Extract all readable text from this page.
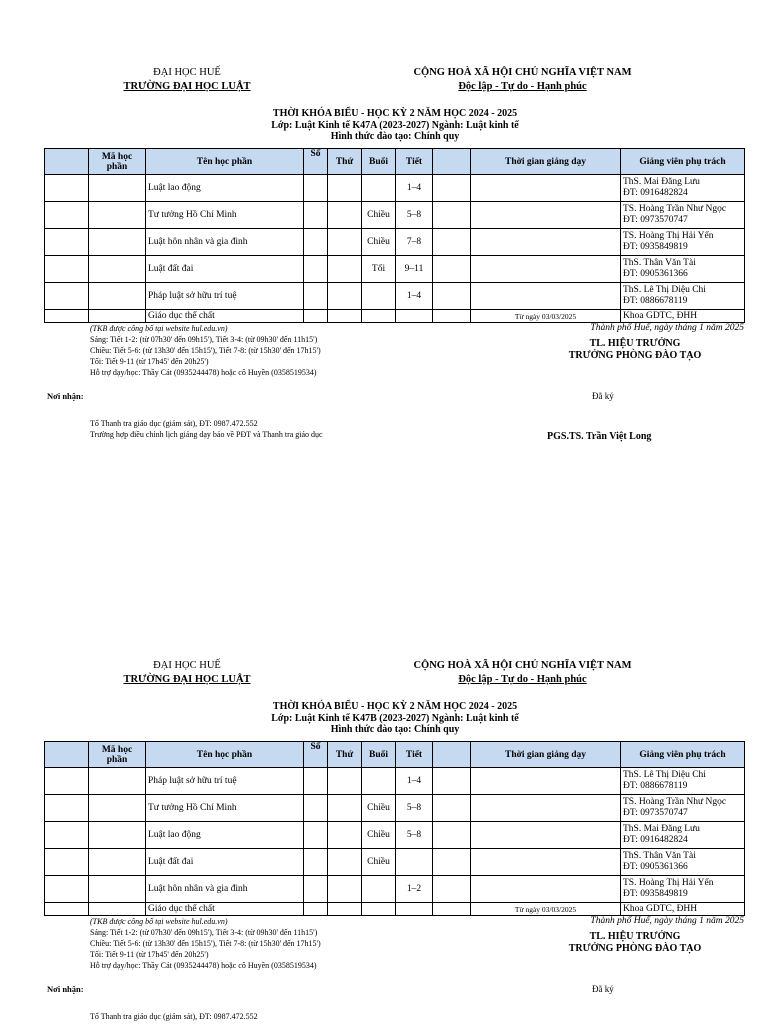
ĐẠI HỌC HUẾ
TRƯỜNG ĐẠI HỌC LUẬT
CỘNG HOÀ XÃ HỘI CHỦ NGHĨA VIỆT NAM
Độc lập - Tự do - Hạnh phúc
THỜI KHÓA BIỂU - HỌC KỲ 2 NĂM HỌC 2024 - 2025
Lớp: Luật Kinh tế K47A (2023-2027) Ngành: Luật kinh tế
Hình thức đào tạo: Chính quy
	Mã học phần	Tên học phần	Số	Thứ	Buổi	Tiết		Thời gian giảng dạy	Giảng viên phụ trách
		Luật lao động				1–4			ThS. Mai Đăng Lưu
ĐT: 0916482824

		Tư tưởng Hồ Chí Minh			Chiều	5–8			TS. Hoàng Trần Như Ngọc
ĐT: 0973570747

		Luật hôn nhân và gia đình			Chiều	7–8			TS. Hoàng Thị Hải Yến
ĐT: 0935849819

		Luật đất đai			Tối	9–11			ThS. Thân Văn Tài
ĐT: 0905361366

		Pháp luật sở hữu trí tuệ				1–4			ThS. Lê Thị Diệu Chi
ĐT: 0886678119

		Giáo dục thể chất						Từ ngày 03/03/2025	Khoa GDTC, ĐHH
(TKB được công bố tại website hul.edu.vn)
Sáng: Tiết 1-2: (từ 07h30' đến 09h15'), Tiết 3-4: (từ 09h30' đến 11h15')
Chiều: Tiết 5-6: (từ 13h30' đến 15h15'), Tiết 7-8: (từ 15h30' đến 17h15')
Tối: Tiết 9-11 (từ 17h45' đến 20h25')
Hỗ trợ dạy/học: Thầy Cát (0935244478) hoặc cô Huyền (0358519534)
Thành phố Huế, ngày tháng 1 năm 2025
TL. HIỆU TRƯỞNG
TRƯỞNG PHÒNG ĐÀO TẠO
Nơi nhận:	Đã ký
Tổ Thanh tra giáo dục (giám sát), ĐT: 0987.472.552
Trường hợp điều chỉnh lịch giảng dạy báo về PĐT và Thanh tra giáo dục	PGS.TS. Trần Việt Long
ĐẠI HỌC HUẾ
TRƯỜNG ĐẠI HỌC LUẬT
CỘNG HOÀ XÃ HỘI CHỦ NGHĨA VIỆT NAM
Độc lập - Tự do - Hạnh phúc
THỜI KHÓA BIỂU - HỌC KỲ 2 NĂM HỌC 2024 - 2025
Lớp: Luật Kinh tế K47B (2023-2027) Ngành: Luật kinh tế
Hình thức đào tạo: Chính quy
	Mã học phần	Tên học phần	Số	Thứ	Buổi	Tiết		Thời gian giảng dạy	Giảng viên phụ trách
		Pháp luật sở hữu trí tuệ				1–4			ThS. Lê Thị Diệu Chi
ĐT: 0886678119

		Tư tưởng Hồ Chí Minh			Chiều	5–8			TS. Hoàng Trần Như Ngọc
ĐT: 0973570747

		Luật lao động			Chiều	5–8			ThS. Mai Đăng Lưu
ĐT: 0916482824

		Luật đất đai			Chiều				ThS. Thân Văn Tài
ĐT: 0905361366

		Luật hôn nhân và gia đình				1–2			TS. Hoàng Thị Hải Yến
ĐT: 0935849819

		Giáo dục thể chất						Từ ngày 03/03/2025	Khoa GDTC, ĐHH
(TKB được công bố tại website hul.edu.vn)
Sáng: Tiết 1-2: (từ 07h30' đến 09h15'), Tiết 3-4: (từ 09h30' đến 11h15')
Chiều: Tiết 5-6: (từ 13h30' đến 15h15'), Tiết 7-8: (từ 15h30' đến 17h15')
Tối: Tiết 9-11 (từ 17h45' đến 20h25')
Hỗ trợ dạy/học: Thầy Cát (0935244478) hoặc cô Huyền (0358519534)
Thành phố Huế, ngày tháng 1 năm 2025
TL. HIỆU TRƯỞNG
TRƯỞNG PHÒNG ĐÀO TẠO
Nơi nhận:	Đã ký
Tổ Thanh tra giáo dục (giám sát), ĐT: 0987.472.552
